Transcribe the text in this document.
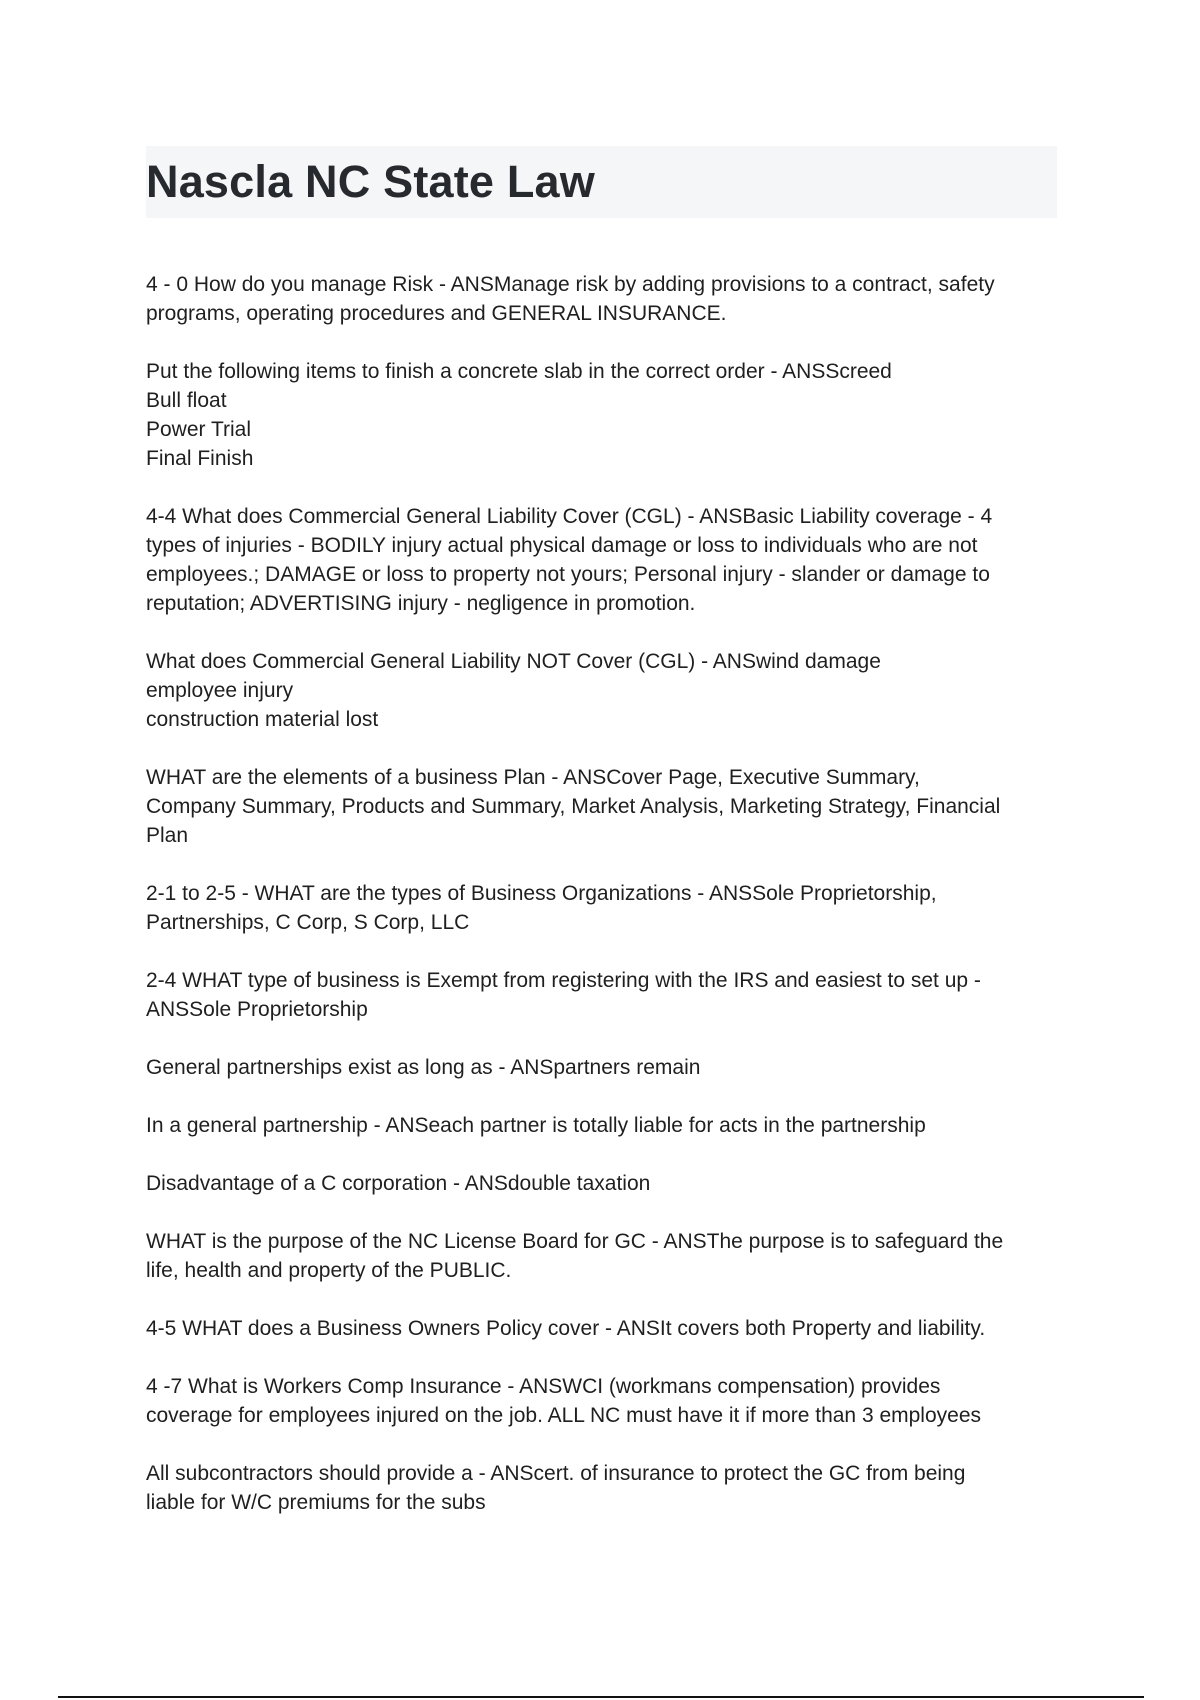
Nascla NC State Law

4 - 0 How do you manage Risk - ANSManage risk by adding provisions to a contract, safety
programs, operating procedures and GENERAL INSURANCE.

Put the following items to finish a concrete slab in the correct order - ANSScreed
Bull float
Power Trial
Final Finish

4-4 What does Commercial General Liability Cover (CGL) - ANSBasic Liability coverage - 4
types of injuries - BODILY injury actual physical damage or loss to individuals who are not
employees.; DAMAGE or loss to property not yours; Personal injury - slander or damage to
reputation; ADVERTISING injury - negligence in promotion.

What does Commercial General Liability NOT Cover (CGL) - ANSwind damage
employee injury
construction material lost

WHAT are the elements of a business Plan - ANSCover Page, Executive Summary,
Company Summary, Products and Summary, Market Analysis, Marketing Strategy, Financial
Plan

2-1 to 2-5 - WHAT are the types of Business Organizations - ANSSole Proprietorship,
Partnerships, C Corp, S Corp, LLC

2-4 WHAT type of business is Exempt from registering with the IRS and easiest to set up -
ANSSole Proprietorship

General partnerships exist as long as - ANSpartners remain

In a general partnership - ANSeach partner is totally liable for acts in the partnership

Disadvantage of a C corporation - ANSdouble taxation

WHAT is the purpose of the NC License Board for GC - ANSThe purpose is to safeguard the
life, health and property of the PUBLIC.

4-5 WHAT does a Business Owners Policy cover - ANSIt covers both Property and liability.

4 -7 What is Workers Comp Insurance - ANSWCI (workmans compensation) provides
coverage for employees injured on the job. ALL NC must have it if more than 3 employees

All subcontractors should provide a - ANScert. of insurance to protect the GC from being
liable for W/C premiums for the subs
